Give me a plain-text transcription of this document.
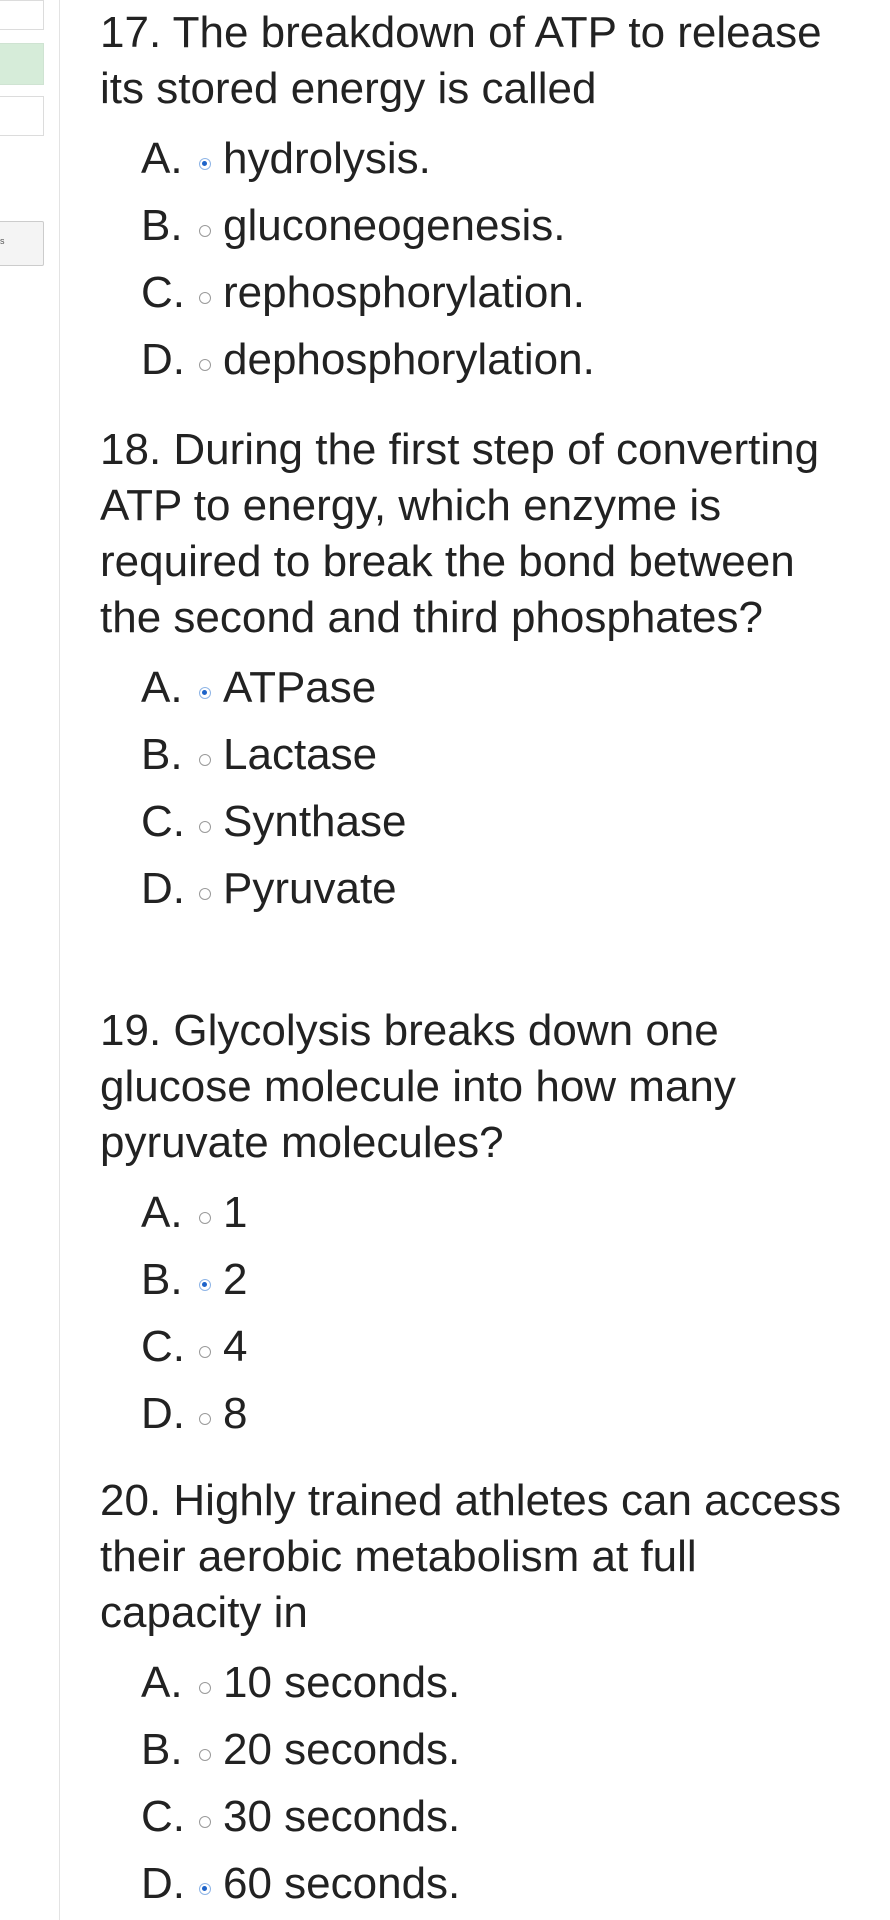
s

17. The breakdown of ATP to release its stored energy is called

A. hydrolysis.
B. gluconeogenesis.
C. rephosphorylation.
D. dephosphorylation.

18. During the first step of converting ATP to energy, which enzyme is required to break the bond between the second and third phosphates?

A. ATPase
B. Lactase
C. Synthase
D. Pyruvate

19. Glycolysis breaks down one glucose molecule into how many pyruvate molecules?

A. 1
B. 2
C. 4
D. 8

20. Highly trained athletes can access their aerobic metabolism at full capacity in

A. 10 seconds.
B. 20 seconds.
C. 30 seconds.
D. 60 seconds.
